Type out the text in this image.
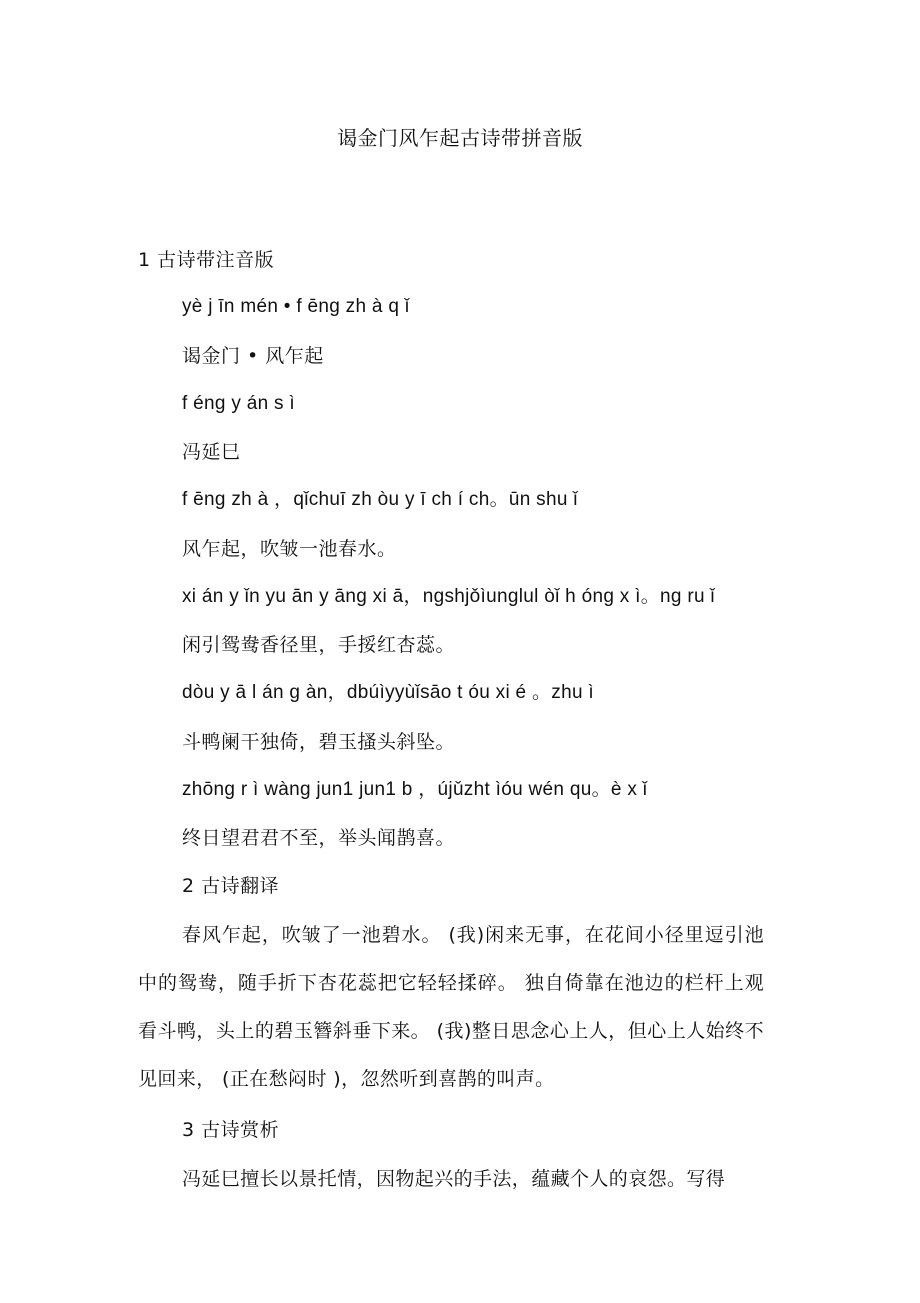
谒金门风乍起古诗带拼音版
1 古诗带注音版
yè j īn mén • f ēng zh à q ǐ
谒金门 • 风乍起
f éng y án s ì
冯延巳
f ēng zh à ，qǐchuī zh òu y ī ch í ch。ūn shu ǐ
风乍起，吹皱一池春水。
xi án y ǐn yu ān y āng xi ā，ngshjǒìunglul òǐ h óng x ì。ng ru ǐ
闲引鸳鸯香径里，手挼红杏蕊。
dòu y ā l án g àn，dbúìyyùǐsāo t óu xi é 。zhu ì
斗鸭阑干独倚，碧玉搔头斜坠。
zhōng r ì wàng jun1 jun1 b ，újǔzht ìóu wén qu。è x ǐ
终日望君君不至，举头闻鹊喜。
2 古诗翻译
春风乍起，吹皱了一池碧水。 (我)闲来无事，在花间小径里逗引池中的鸳鸯，随手折下杏花蕊把它轻轻揉碎。 独自倚靠在池边的栏杆上观看斗鸭，头上的碧玉簪斜垂下来。 (我)整日思念心上人，但心上人始终不见回来， (正在愁闷时 )，忽然听到喜鹊的叫声。
3 古诗赏析
冯延巳擅长以景托情，因物起兴的手法，蕴藏个人的哀怨。写得
